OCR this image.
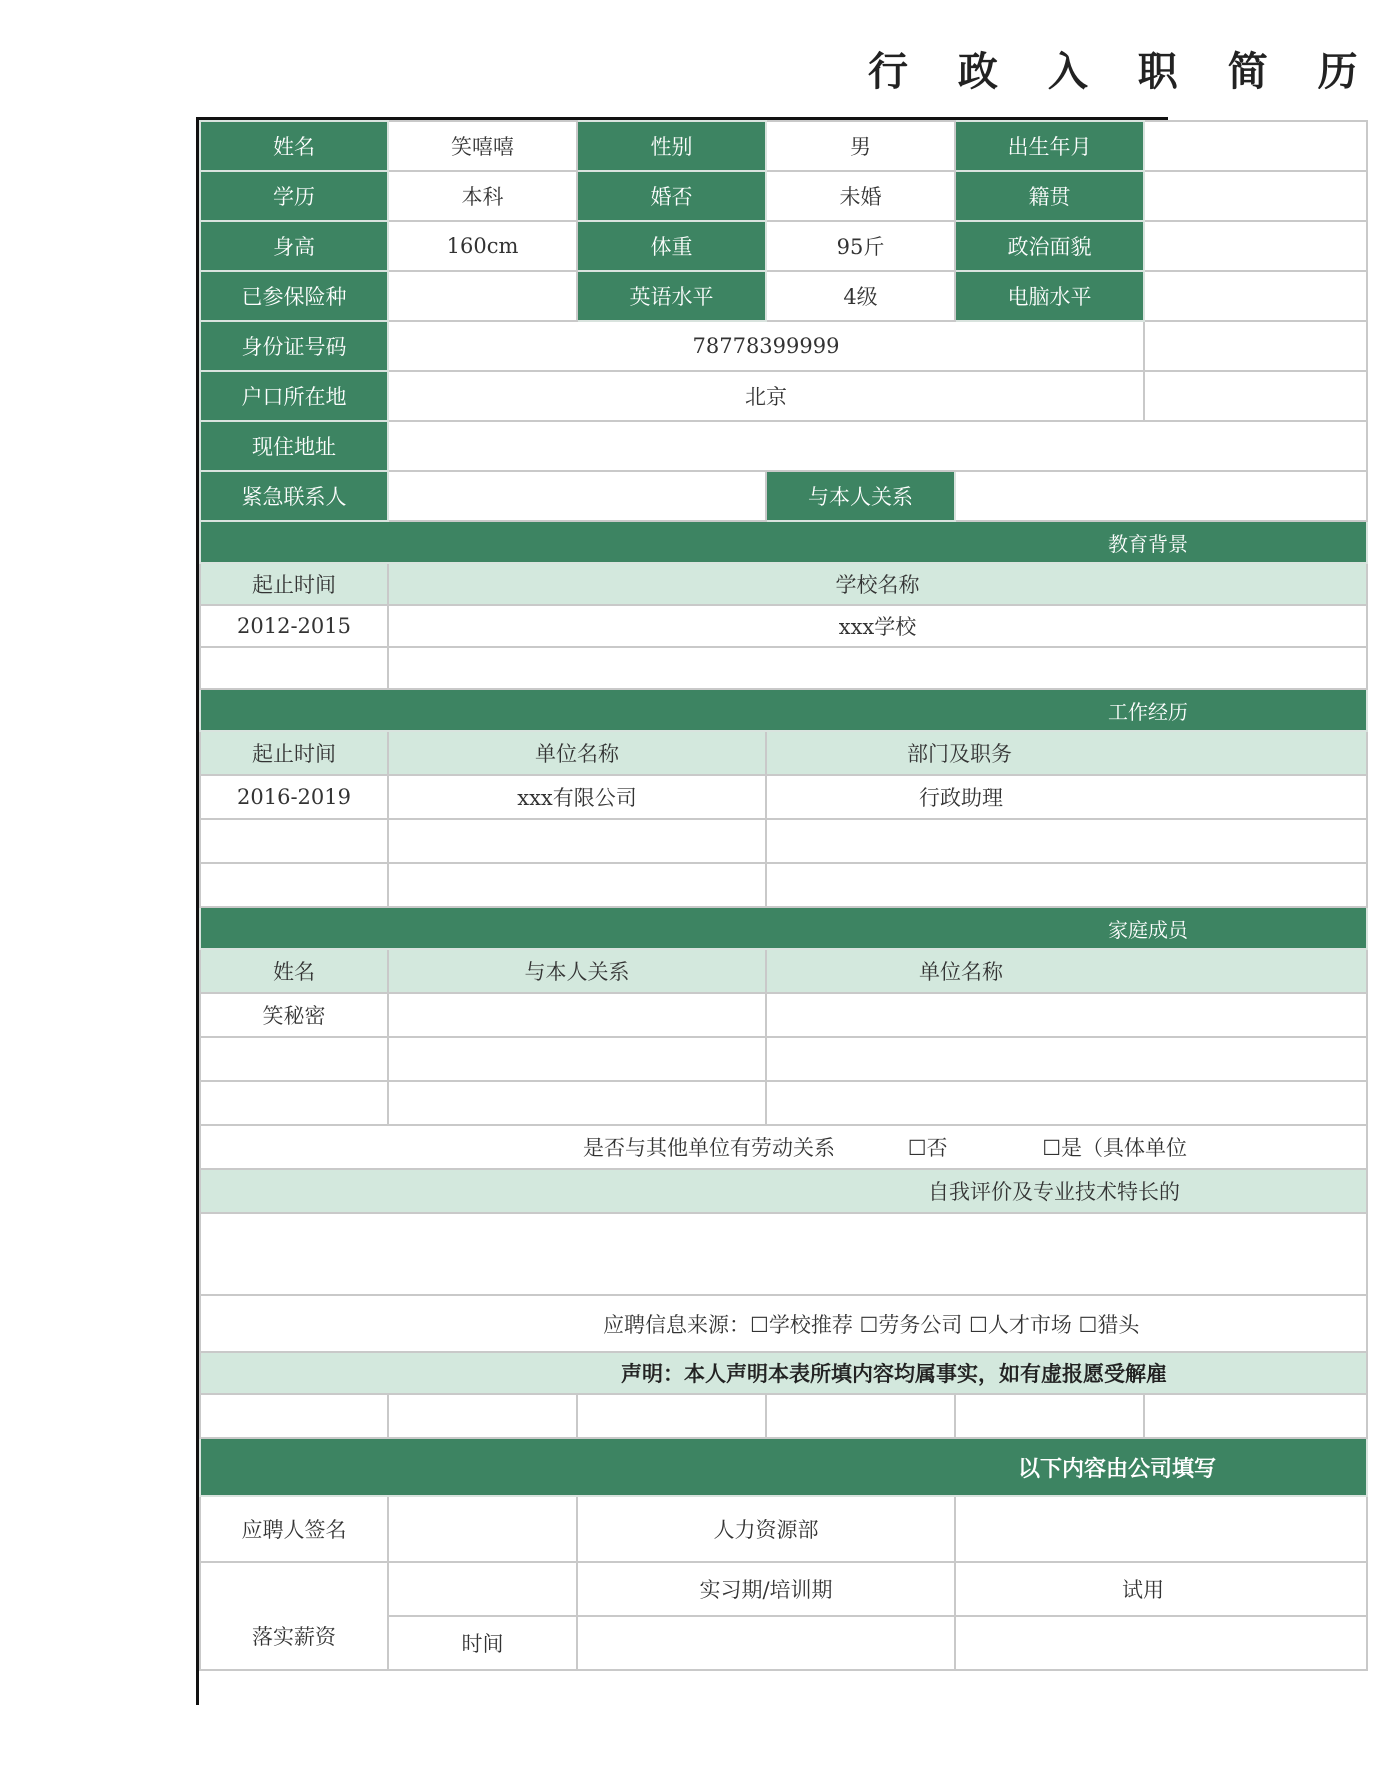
行 政 入 职 简 历
姓名	笑嘻嘻	性别	男	出生年月	
学历	本科	婚否	未婚	籍贯	
身高	160cm	体重	95斤	政治面貌	
已参保险种		英语水平	4级	电脑水平	
身份证号码	78778399999				
户口所在地	北京				
现住地址					
紧急联系人			与本人关系		
教育背景					
起止时间	学校名称				
2012-2015	xxx学校				

工作经历					
起止时间	单位名称		部门及职务		
2016-2019	xxx有限公司		行政助理		

家庭成员					
姓名	与本人关系		单位名称		
笑秘密					

是否与其他单位有劳动关系 ☐否 ☐是（具体单位					
自我评价及专业技术特长的					

应聘信息来源：☐学校推荐 ☐劳务公司 ☐人才市场 ☐猎头					
声明：本人声明本表所填内容均属事实，如有虚报愿受解雇					

以下内容由公司填写					
应聘人签名		人力资源部			
落实薪资		实习期/培训期		试用	
	时间				
